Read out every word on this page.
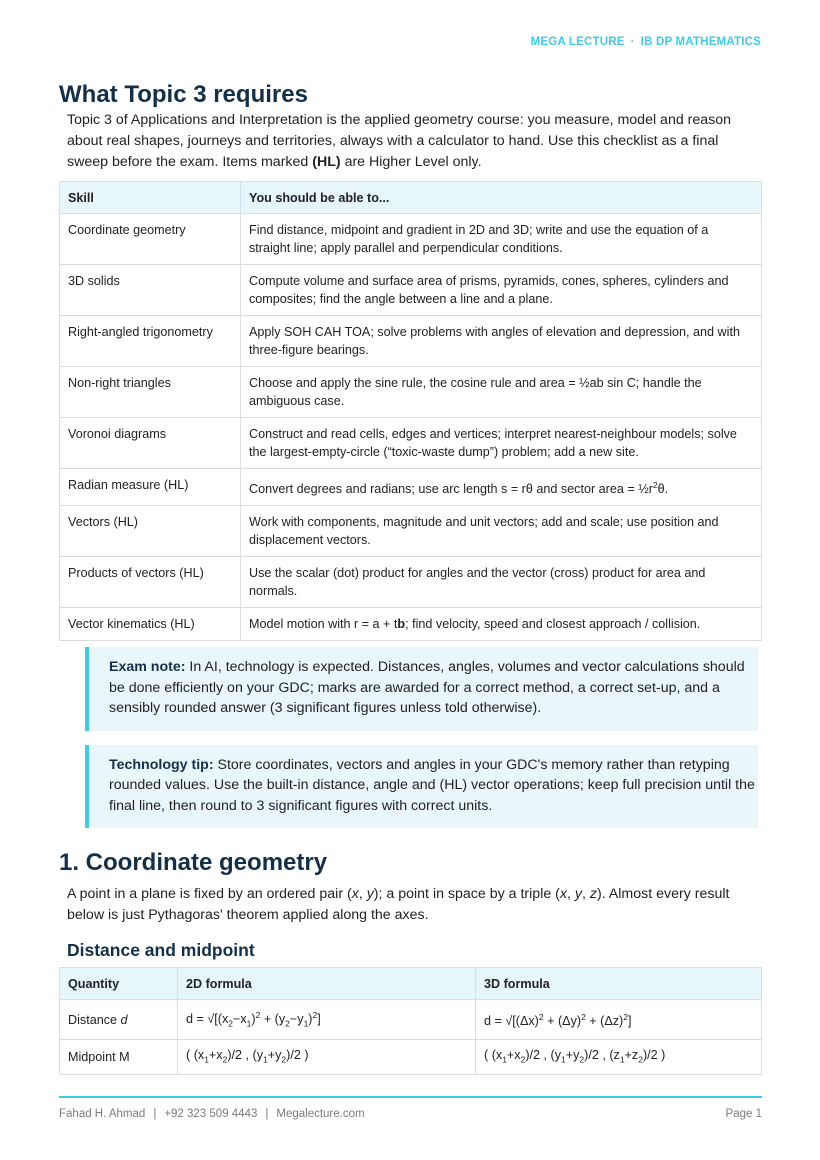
MEGA LECTURE · IB DP MATHEMATICS
What Topic 3 requires

Topic 3 of Applications and Interpretation is the applied geometry course: you measure, model and reason about real shapes, journeys and territories, always with a calculator to hand. Use this checklist as a final sweep before the exam. Items marked (HL) are Higher Level only.

Skill	You should be able to...
Coordinate geometry	Find distance, midpoint and gradient in 2D and 3D; write and use the equation of a straight line; apply parallel and perpendicular conditions.
3D solids	Compute volume and surface area of prisms, pyramids, cones, spheres, cylinders and composites; find the angle between a line and a plane.
Right-angled trigonometry	Apply SOH CAH TOA; solve problems with angles of elevation and depression, and with three-figure bearings.
Non-right triangles	Choose and apply the sine rule, the cosine rule and area = ½ab sin C; handle the ambiguous case.
Voronoi diagrams	Construct and read cells, edges and vertices; interpret nearest-neighbour models; solve the largest-empty-circle (“toxic-waste dump”) problem; add a new site.
Radian measure (HL)	Convert degrees and radians; use arc length s = rθ and sector area = $\frac{1}{2}r^2\theta$.
Vectors (HL)	Work with components, magnitude and unit vectors; add and scale; use position and displacement vectors.
Products of vectors (HL)	Use the scalar (dot) product for angles and the vector (cross) product for area and normals.
Vector kinematics (HL)	Model motion with r = a + tb; find velocity, speed and closest approach / collision.
Exam note: In AI, technology is expected. Distances, angles, volumes and vector calculations should be done efficiently on your GDC; marks are awarded for a correct method, a correct set-up, and a sensibly rounded answer (3 significant figures unless told otherwise).
Technology tip: Store coordinates, vectors and angles in your GDC's memory rather than retyping rounded values. Use the built-in distance, angle and (HL) vector operations; keep full precision until the final line, then round to 3 significant figures with correct units.
1. Coordinate geometry

A point in a plane is fixed by an ordered pair (x, y); a point in space by a triple (x, y, z). Almost every result below is just Pythagoras' theorem applied along the axes.

Distance and midpoint
Quantity	2D formula	3D formula
Distance d	$d = √[(x_2-x_1)^2 + (y_2-y_1)^2]$	$d = √[(\Delta x)^2 + (\Delta y)^2 + (\Delta z)^2]$
Midpoint M	( $(x_1+x_2)/2$ , $(y_1+y_2)/2$ )	( $(x_1+x_2)/2$ , $(y_1+y_2)/2$ , $(z_1+z_2)/2$ )
Fahad H. Ahmad | +92 323 509 4443 | Megalecture.com	Page 1
